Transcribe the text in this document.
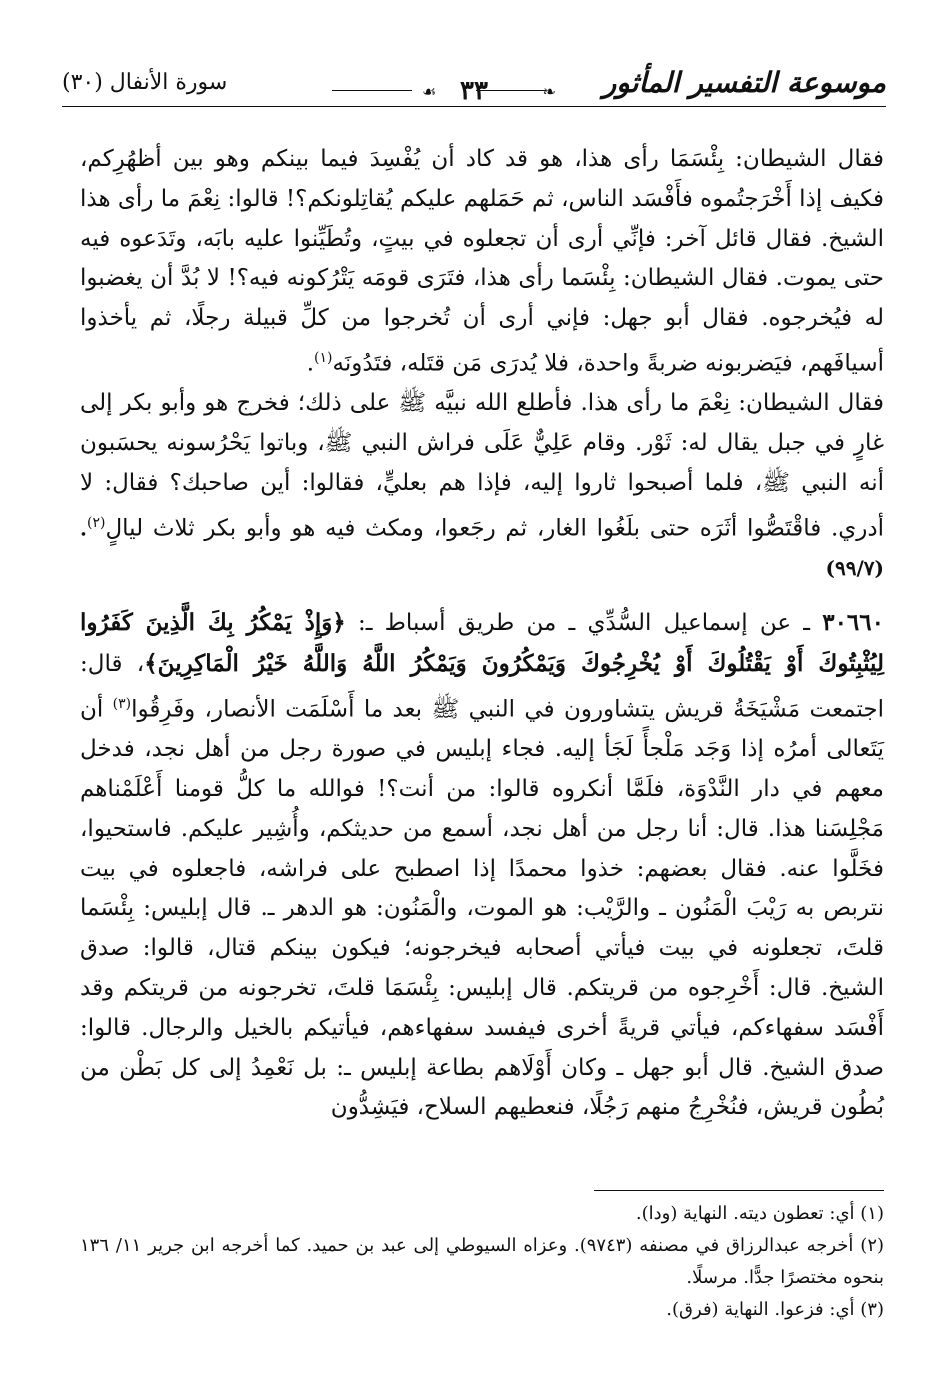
موسوعة التفسير المأثور
❧
٣٣
☙
سورة الأنفال (٣٠)

فقال الشيطان: بِئْسَمَا رأى هذا، هو قد كاد أن يُفْسِدَ فيما بينكم وهو بين أظهُرِكم، فكيف إذا أَخْرَجتُموه فأَفْسَد الناس، ثم حَمَلهم عليكم يُقاتِلونكم؟! قالوا: نِعْمَ ما رأى هذا الشيخ. فقال قائل آخر: فإنِّي أرى أن تجعلوه في بيتٍ، وتُطَيِّنوا عليه بابَه، وتَدَعوه فيه حتى يموت. فقال الشيطان: بِئْسَما رأى هذا، فتَرَى قومَه يَتْرُكونه فيه؟! لا بُدَّ أن يغضبوا له فيُخرجوه. فقال أبو جهل: فإني أرى أن تُخرجوا من كلِّ قبيلة رجلًا، ثم يأخذوا أسيافَهم، فيَضربونه ضربةً واحدة، فلا يُدرَى مَن قتَله، فتَدُونَه$^{(١)}$.

فقال الشيطان: نِعْمَ ما رأى هذا. فأطلع الله نبيَّه ﷺ على ذلك؛ فخرج هو وأبو بكر إلى غارٍ في جبل يقال له: ثَوْر. وقام عَلِيٌّ عَلَى فراش النبي ﷺ، وباتوا يَحْرُسونه يحسَبون أنه النبي ﷺ، فلما أصبحوا ثاروا إليه، فإذا هم بعليٍّ، فقالوا: أين صاحبك؟ فقال: لا أدري. فاقْتَصُّوا أثَرَه حتى بلَغُوا الغار، ثم رجَعوا، ومكث فيه هو وأبو بكر ثلاث ليالٍ$^{(٢)}$. (٩٩/٧)

٣٠٦٦٠ ـ عن إسماعيل السُّدِّي ـ من طريق أسباط ـ: ﴿وَإِذْ يَمْكُرُ بِكَ الَّذِينَ كَفَرُوا لِيُثْبِتُوكَ أَوْ يَقْتُلُوكَ أَوْ يُخْرِجُوكَ وَيَمْكُرُونَ وَيَمْكُرُ اللَّهُ وَاللَّهُ خَيْرُ الْمَاكِرِينَ﴾، قال: اجتمعت مَشْيَخَةُ قريش يتشاورون في النبي ﷺ بعد ما أَسْلَمَت الأنصار، وفَرِقُوا$^{(٣)}$ أن يَتَعالى أمرُه إذا وَجَد مَلْجأً لَجَأ إليه. فجاء إبليس في صورة رجل من أهل نجد، فدخل معهم في دار النَّدْوَة، فلَمَّا أنكروه قالوا: من أنت؟! فوالله ما كلُّ قومنا أَعْلَمْناهم مَجْلِسَنا هذا. قال: أنا رجل من أهل نجد، أسمع من حديثكم، وأُشِير عليكم. فاستحيوا، فخَلَّوا عنه. فقال بعضهم: خذوا محمدًا إذا اصطبح على فراشه، فاجعلوه في بيت نتربص به رَيْبَ الْمَنُون ـ والرَّيْب: هو الموت، والْمَنُون: هو الدهر ـ. قال إبليس: بِئْسَما قلتَ، تجعلونه في بيت فيأتي أصحابه فيخرجونه؛ فيكون بينكم قتال، قالوا: صدق الشيخ. قال: أَخْرِجوه من قريتكم. قال إبليس: بِئْسَمَا قلتَ، تخرجونه من قريتكم وقد أَفْسَد سفهاءكم، فيأتي قريةً أخرى فيفسد سفهاءهم، فيأتيكم بالخيل والرجال. قالوا: صدق الشيخ. قال أبو جهل ـ وكان أَوْلَاهم بطاعة إبليس ـ: بل نَعْمِدُ إلى كل بَطْن من بُطُون قريش، فنُخْرِجُ منهم رَجُلًا، فنعطيهم السلاح، فيَشِدُّون

(١) أي: تعطون ديته. النهاية (ودا).

(٢) أخرجه عبدالرزاق في مصنفه (٩٧٤٣). وعزاه السيوطي إلى عبد بن حميد. كما أخرجه ابن جرير ١١/ ١٣٦ بنحوه مختصرًا جدًّا. مرسلًا.

(٣) أي: فزعوا. النهاية (فرق).
